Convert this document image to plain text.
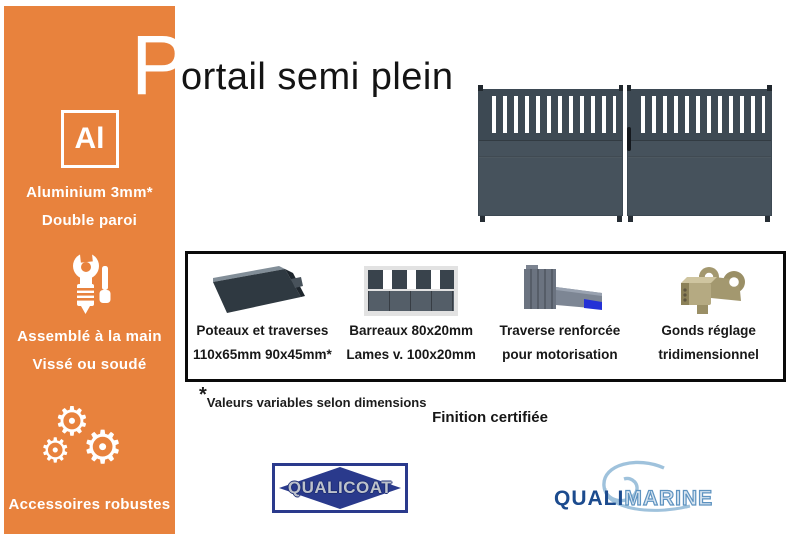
Al
Aluminium 3mm*
Double paroi
Assemblé à la main
Vissé ou soudé
⚙
⚙ ⚙
Accessoires robustes
P
ortail semi plein
Poteaux et traverses
110x65mm 90x45mm*
Barreaux 80x20mm
Lames v. 100x20mm
Traverse renforcée
pour motorisation
Gonds réglage
tridimensionnel
*Valeurs variables selon dimensions
Finition certifiée
QUALICOAT	QUALIMARINE
